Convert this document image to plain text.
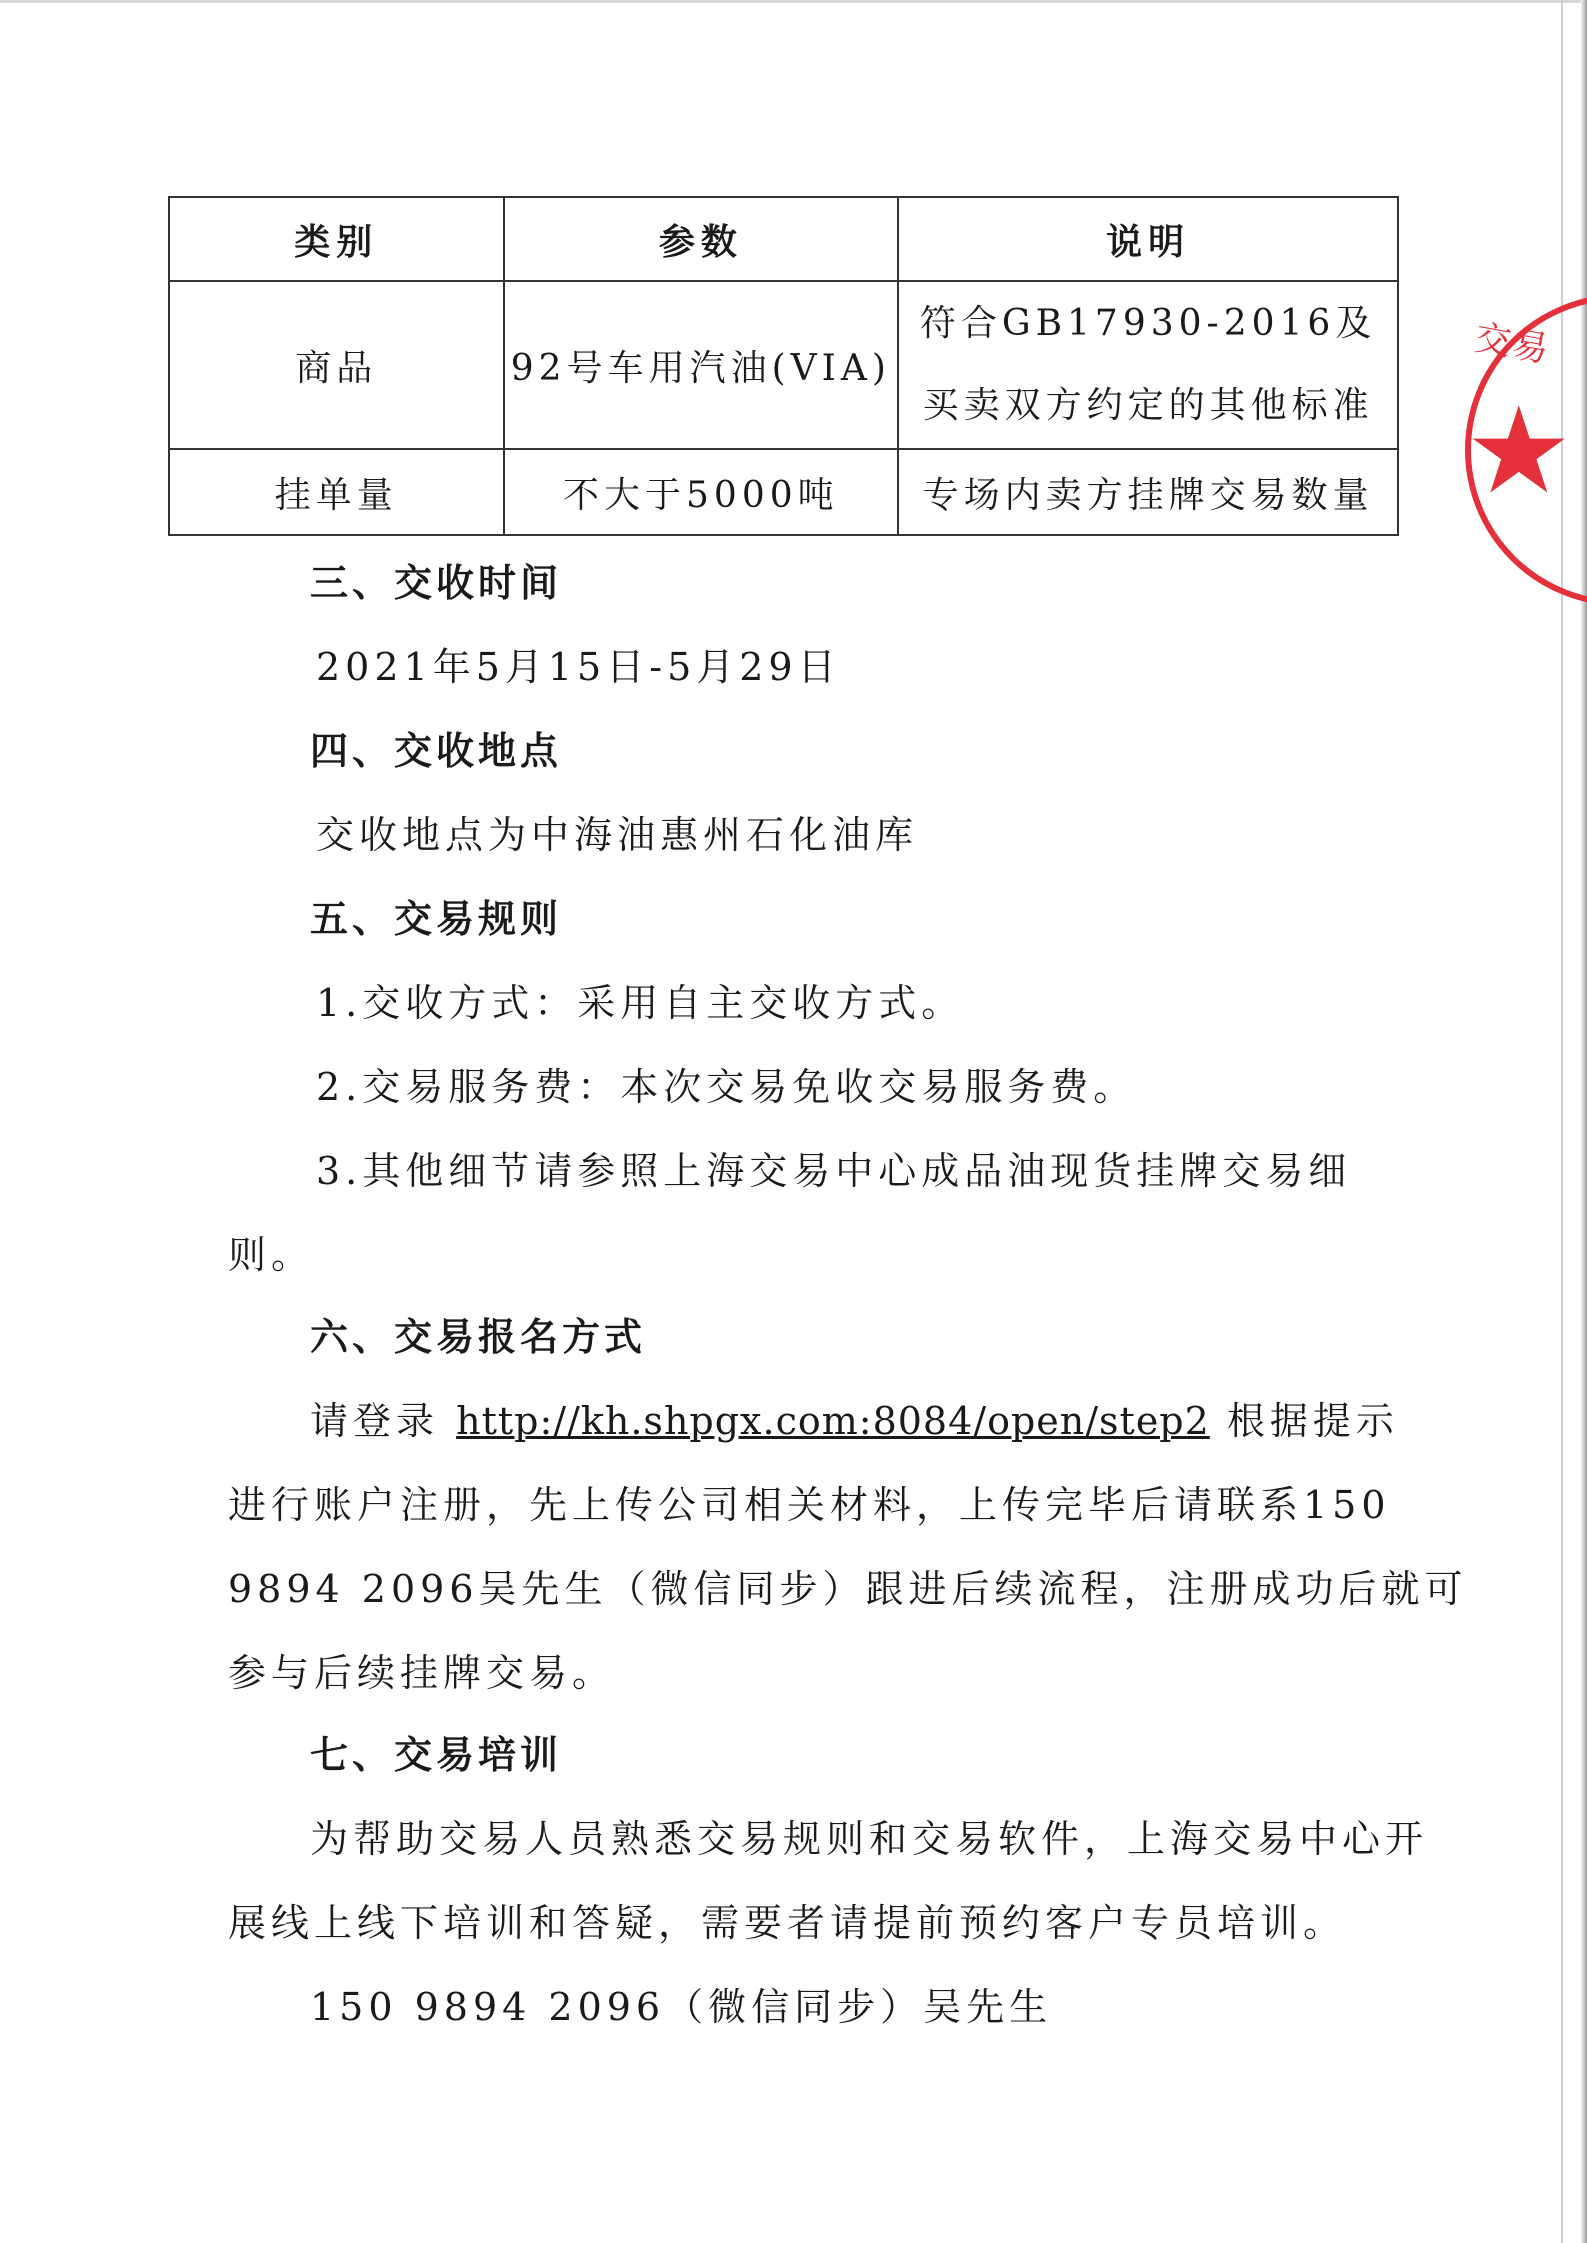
类别	参数	说明
商品	92号车用汽油(VIA)	符合GB17930-2016及
买卖双方约定的其他标准

挂单量	不大于5000吨	专场内卖方挂牌交易数量
交易
★
三、交收时间
2021年5月15日-5月29日
四、交收地点
交收地点为中海油惠州石化油库
五、交易规则
1.交收方式：采用自主交收方式。
2.交易服务费：本次交易免收交易服务费。
3.其他细节请参照上海交易中心成品油现货挂牌交易细
则。
六、交易报名方式
请登录 http://kh.shpgx.com:8084/open/step2 根据提示
进行账户注册，先上传公司相关材料，上传完毕后请联系150
9894 2096吴先生（微信同步）跟进后续流程，注册成功后就可
参与后续挂牌交易。
七、交易培训
为帮助交易人员熟悉交易规则和交易软件，上海交易中心开
展线上线下培训和答疑，需要者请提前预约客户专员培训。
150 9894 2096（微信同步）吴先生
